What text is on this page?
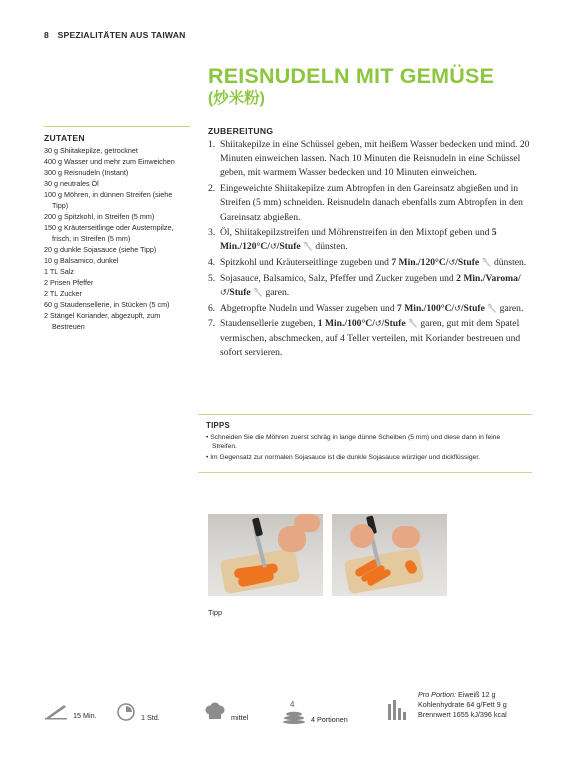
8 SPEZIALITÄTEN AUS TAIWAN
REISNUDELN MIT GEMÜSE
(炒米粉)
ZUTATEN
30 g Shiitakepilze, getrocknet
400 g Wasser und mehr zum Einweichen
300 g Reisnudeln (Instant)
30 g neutrales Öl
100 g Möhren, in dünnen Streifen (siehe Tipp)
200 g Spitzkohl, in Streifen (5 mm)
150 g Kräuterseitlinge oder Austernpilze, frisch, in Streifen (5 mm)
20 g dunkle Sojasauce (siehe Tipp)
10 g Balsamico, dunkel
1 TL Salz
2 Prisen Pfeffer
2 TL Zucker
60 g Staudensellerie, in Stücken (5 cm)
2 Stängel Koriander, abgezupft, zum Bestreuen
ZUBEREITUNG
1. Shiitakepilze in eine Schüssel geben, mit heißem Wasser bedecken und mind. 20 Minuten einweichen lassen. Nach 10 Minuten die Reisnudeln in eine Schüssel geben, mit warmem Wasser bedecken und 10 Minuten einweichen.
2. Eingeweichte Shiitakepilze zum Abtropfen in den Gareinsatz abgießen und in Streifen (5 mm) schneiden. Reisnudeln danach ebenfalls zum Abtropfen in den Gareinsatz abgießen.
3. Öl, Shiitakepilzstreifen und Möhrenstreifen in den Mixtopf geben und 5 Min./120°C/↺/Stufe 🥄 dünsten.
4. Spitzkohl und Kräuterseitlinge zugeben und 7 Min./120°C/↺/Stufe 🥄 dünsten.
5. Sojasauce, Balsamico, Salz, Pfeffer und Zucker zugeben und 2 Min./Varoma/↺/Stufe 🥄 garen.
6. Abgetropfte Nudeln und Wasser zugeben und 7 Min./100°C/↺/Stufe 🥄 garen.
7. Staudensellerie zugeben, 1 Min./100°C/↺/Stufe 🥄 garen, gut mit dem Spatel vermischen, abschmecken, auf 4 Teller verteilen, mit Koriander bestreuen und sofort servieren.
TIPPS
• Schneiden Sie die Möhren zuerst schräg in lange dünne Scheiben (5 mm) und diese dann in feine Streifen.
• Im Gegensatz zur normalen Sojasauce ist die dunkle Sojasauce würziger und dickflüssiger.
Tipp
15 Min.	1 Std.	mittel
4
4 Portionen
Pro Portion: Eiweiß 12 g
Kohlenhydrate 64 g/Fett 9 g
Brennwert 1655 kJ/396 kcal
